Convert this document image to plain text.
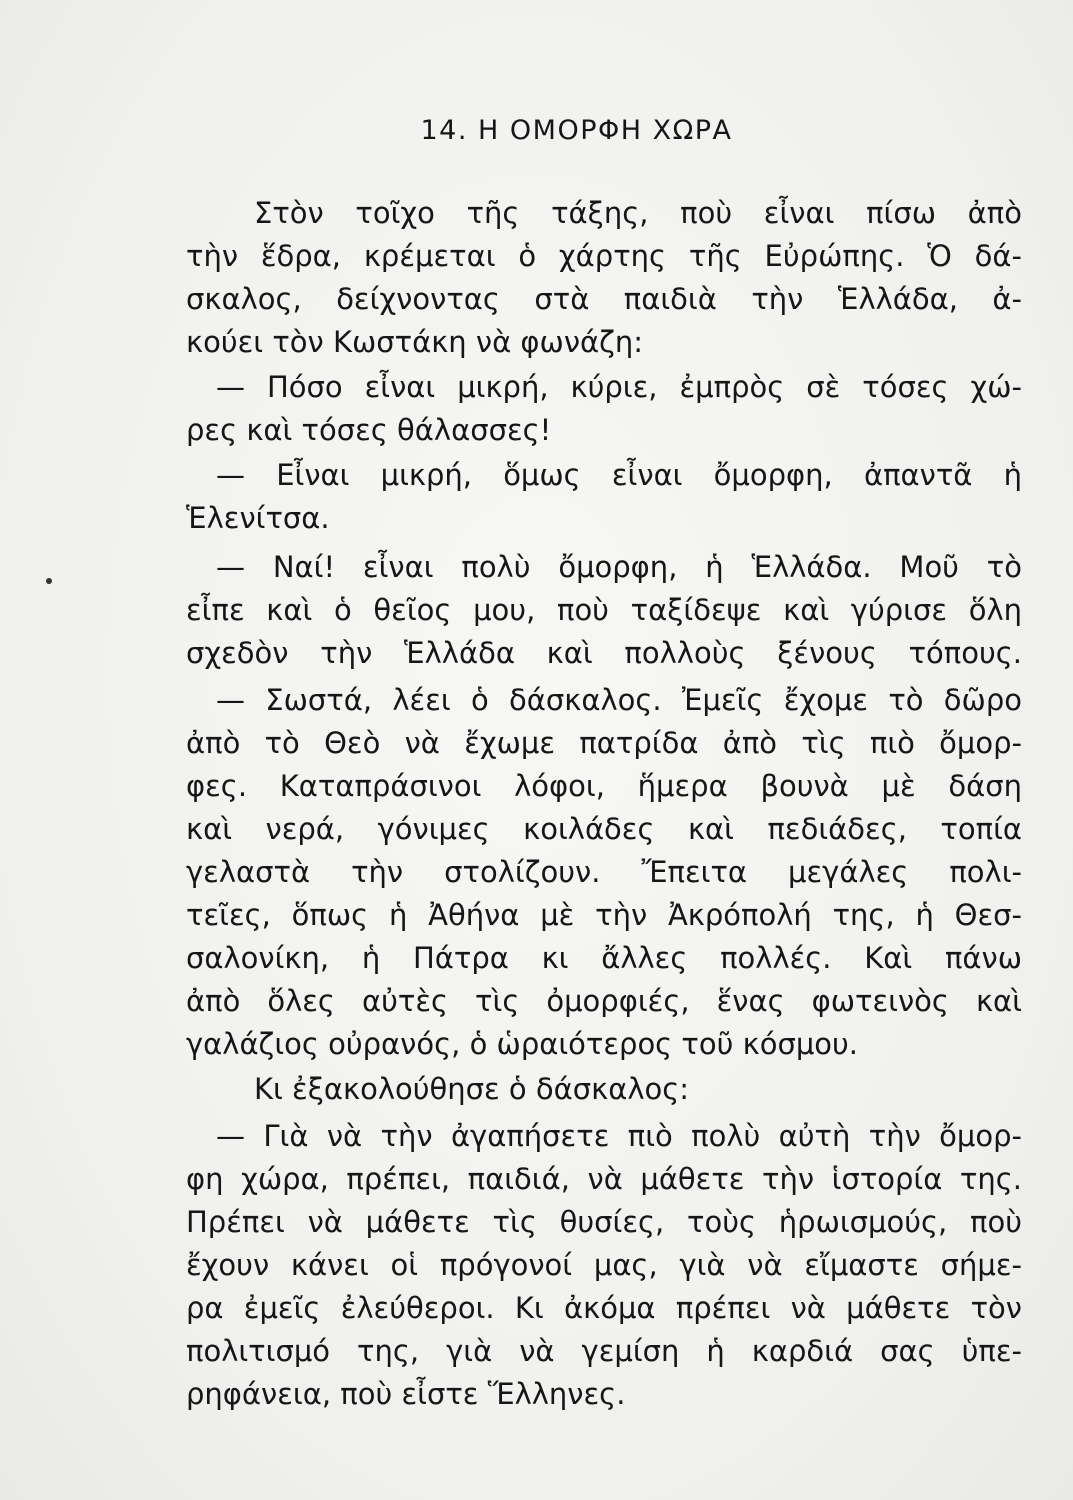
14. Η ΟΜΟΡΦΗ ΧΩΡΑ
Στὸν τοῖχο τῆς τάξης, ποὺ εἶναι πίσω ἀπὸ
τὴν ἕδρα, κρέμεται ὁ χάρτης τῆς Εὐρώπης. Ὁ δά-
σκαλος, δείχνοντας στὰ παιδιὰ τὴν Ἑλλάδα, ἀ-
κούει τὸν Κωστάκη νὰ φωνάζη:
— Πόσο εἶναι μικρή, κύριε, ἐμπρὸς σὲ τόσες χώ-
ρες καὶ τόσες θάλασσες!
— Εἶναι μικρή, ὅμως εἶναι ὄμορφη, ἀπαντᾶ ἡ
Ἑλενίτσα.
— Ναί! εἶναι πολὺ ὄμορφη, ἡ Ἑλλάδα. Μοῦ τὸ
εἶπε καὶ ὁ θεῖος μου, ποὺ ταξίδεψε καὶ γύρισε ὅλη
σχεδὸν τὴν Ἑλλάδα καὶ πολλοὺς ξένους τόπους.
— Σωστά, λέει ὁ δάσκαλος. Ἐμεῖς ἔχομε τὸ δῶρο
ἀπὸ τὸ Θεὸ νὰ ἔχωμε πατρίδα ἀπὸ τὶς πιὸ ὄμορ-
φες. Καταπράσινοι λόφοι, ἥμερα βουνὰ μὲ δάση
καὶ νερά, γόνιμες κοιλάδες καὶ πεδιάδες, τοπία
γελαστὰ τὴν στολίζουν. Ἔπειτα μεγάλες πολι-
τεῖες, ὅπως ἡ Ἀθήνα μὲ τὴν Ἀκρόπολή της, ἡ Θεσ-
σαλονίκη, ἡ Πάτρα κι ἄλλες πολλές. Καὶ πάνω
ἀπὸ ὅλες αὐτὲς τὶς ὀμορφιές, ἕνας φωτεινὸς καὶ
γαλάζιος οὐρανός, ὁ ὡραιότερος τοῦ κόσμου.
Κι ἐξακολούθησε ὁ δάσκαλος:
— Γιὰ νὰ τὴν ἀγαπήσετε πιὸ πολὺ αὐτὴ τὴν ὄμορ-
φη χώρα, πρέπει, παιδιά, νὰ μάθετε τὴν ἱστορία της.
Πρέπει νὰ μάθετε τὶς θυσίες, τοὺς ἡρωισμούς, ποὺ
ἔχουν κάνει οἱ πρόγονοί μας, γιὰ νὰ εἴμαστε σήμε-
ρα ἐμεῖς ἐλεύθεροι. Κι ἀκόμα πρέπει νὰ μάθετε τὸν
πολιτισμό της, γιὰ νὰ γεμίση ἡ καρδιά σας ὑπε-
ρηφάνεια, ποὺ εἶστε Ἕλληνες.
